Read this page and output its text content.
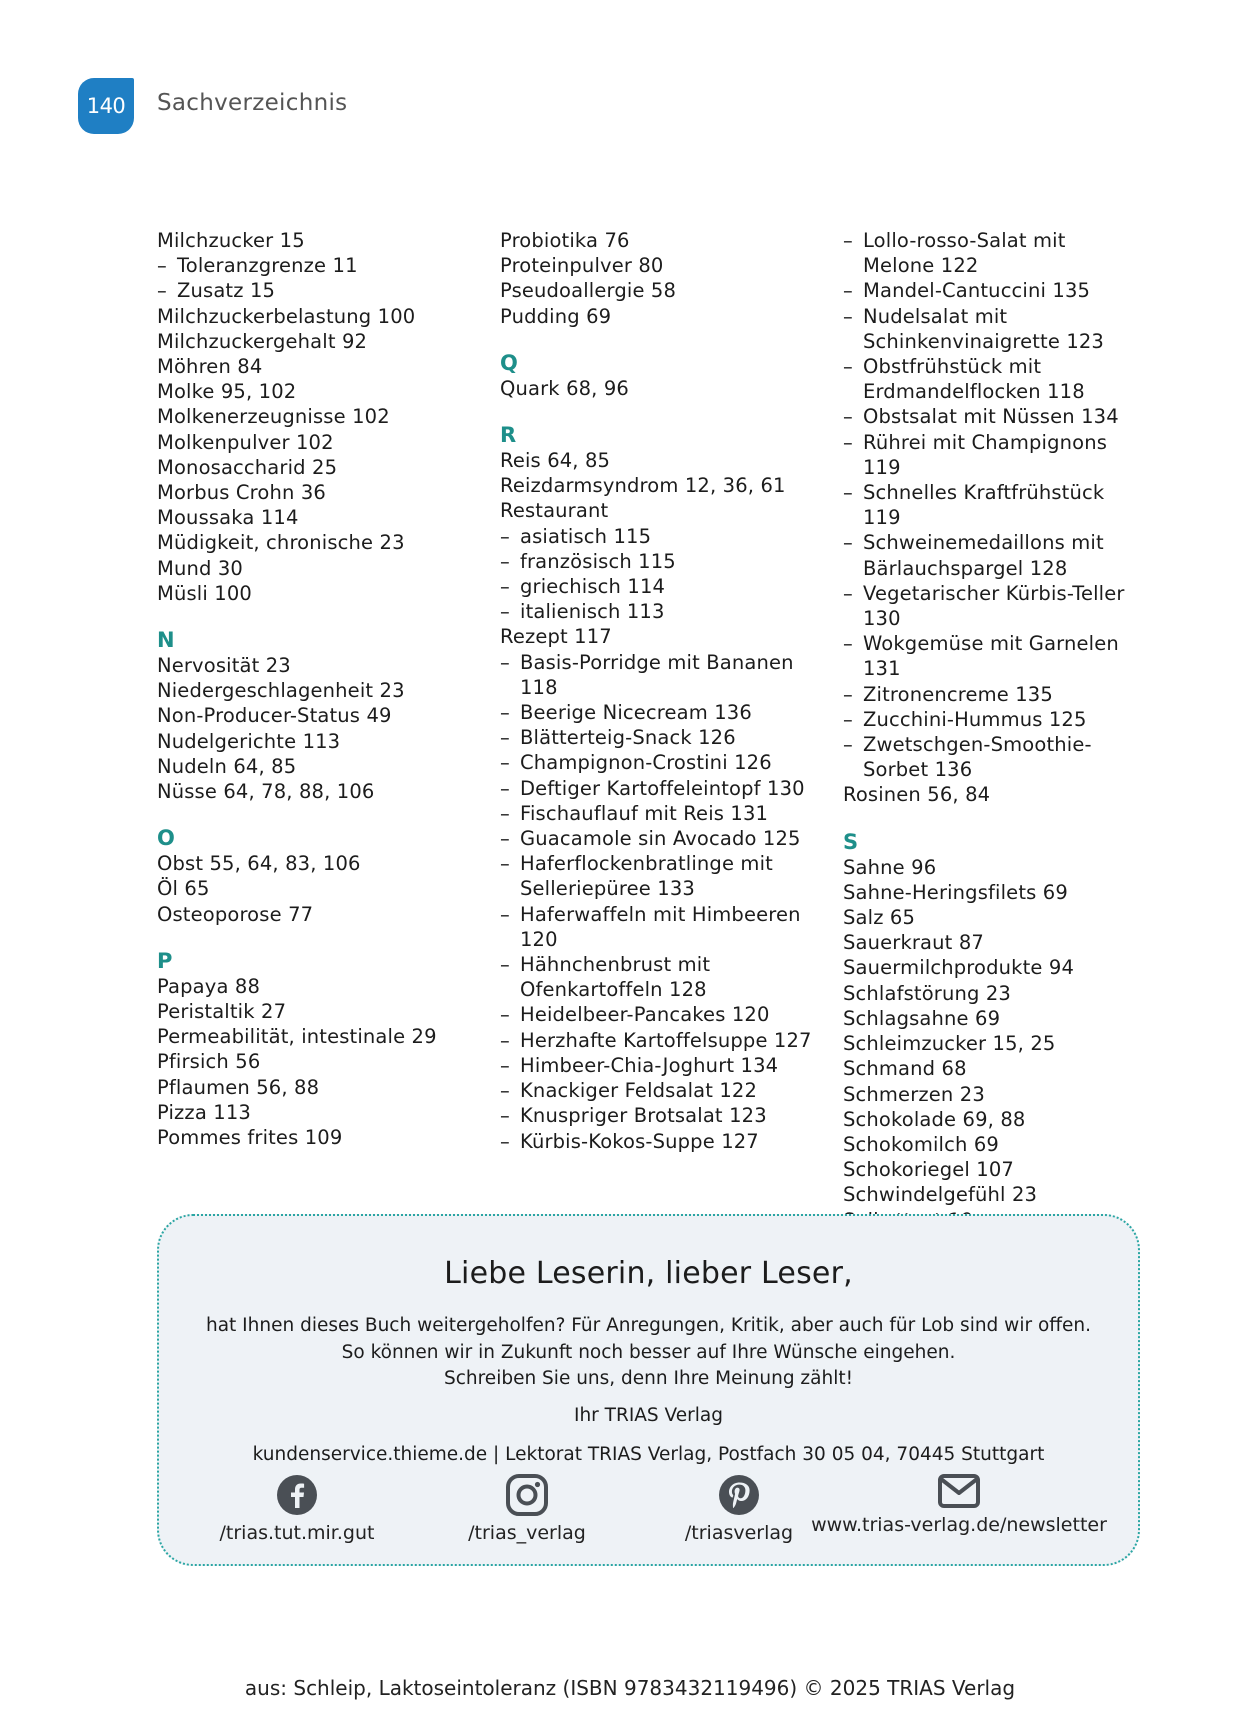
140 Sachverzeichnis
Milchzucker 15
– Toleranzgrenze 11
– Zusatz 15
Milchzuckerbelastung 100
Milchzuckergehalt 92
Möhren 84
Molke 95, 102
Molkenerzeugnisse 102
Molkenpulver 102
Monosaccharid 25
Morbus Crohn 36
Moussaka 114
Müdigkeit, chronische 23
Mund 30
Müsli 100
N
Nervosität 23
Niedergeschlagenheit 23
Non-Producer-Status 49
Nudelgerichte 113
Nudeln 64, 85
Nüsse 64, 78, 88, 106
O
Obst 55, 64, 83, 106
Öl 65
Osteoporose 77
P
Papaya 88
Peristaltik 27
Permeabilität, intestinale 29
Pfirsich 56
Pflaumen 56, 88
Pizza 113
Pommes frites 109
Probiotika 76
Proteinpulver 80
Pseudoallergie 58
Pudding 69
Q
Quark 68, 96
R
Reis 64, 85
Reizdarmsyndrom 12, 36, 61
Restaurant
– asiatisch 115
– französisch 115
– griechisch 114
– italienisch 113
Rezept 117
– Basis-Porridge mit Bananen 118
– Beerige Nicecream 136
– Blätterteig-Snack 126
– Champignon-Crostini 126
– Deftiger Kartoffeleintopf 130
– Fischauflauf mit Reis 131
– Guacamole sin Avocado 125
– Haferflockenbratlinge mit Selleriepüree 133
– Haferwaffeln mit Himbeeren 120
– Hähnchenbrust mit Ofenkartoffeln 128
– Heidelbeer-Pancakes 120
– Herzhafte Kartoffelsuppe 127
– Himbeer-Chia-Joghurt 134
– Knackiger Feldsalat 122
– Knuspriger Brotsalat 123
– Kürbis-Kokos-Suppe 127
– Lollo-rosso-Salat mit Melone 122
– Mandel-Cantuccini 135
– Nudelsalat mit Schinkenvinaigrette 123
– Obstfrühstück mit Erdmandelflocken 118
– Obstsalat mit Nüssen 134
– Rührei mit Champignons 119
– Schnelles Kraftfrühstück 119
– Schweinemedaillons mit Bärlauchspargel 128
– Vegetarischer Kürbis-Teller 130
– Wokgemüse mit Garnelen 131
– Zitronencreme 135
– Zucchini-Hummus 125
– Zwetschgen-Smoothie-Sorbet 136
Rosinen 56, 84
S
Sahne 96
Sahne-Heringsfilets 69
Salz 65
Sauerkraut 87
Sauermilchprodukte 94
Schlafstörung 23
Schlagsahne 69
Schleimzucker 15, 25
Schmand 68
Schmerzen 23
Schokolade 69, 88
Schokomilch 69
Schokoriegel 107
Schwindelgefühl 23
Liebe Leserin, lieber Leser,
hat Ihnen dieses Buch weitergeholfen? Für Anregungen, Kritik, aber auch für Lob sind wir offen.
So können wir in Zukunft noch besser auf Ihre Wünsche eingehen.
Schreiben Sie uns, denn Ihre Meinung zählt!
Ihr TRIAS Verlag
kundenservice.thieme.de | Lektorat TRIAS Verlag, Postfach 30 05 04, 70445 Stuttgart
/trias.tut.mir.gut	/trias_verlag	/triasverlag www.trias-verlag.de/newsletter
aus: Schleip, Laktoseintoleranz (ISBN 9783432119496) © 2025 TRIAS Verlag
